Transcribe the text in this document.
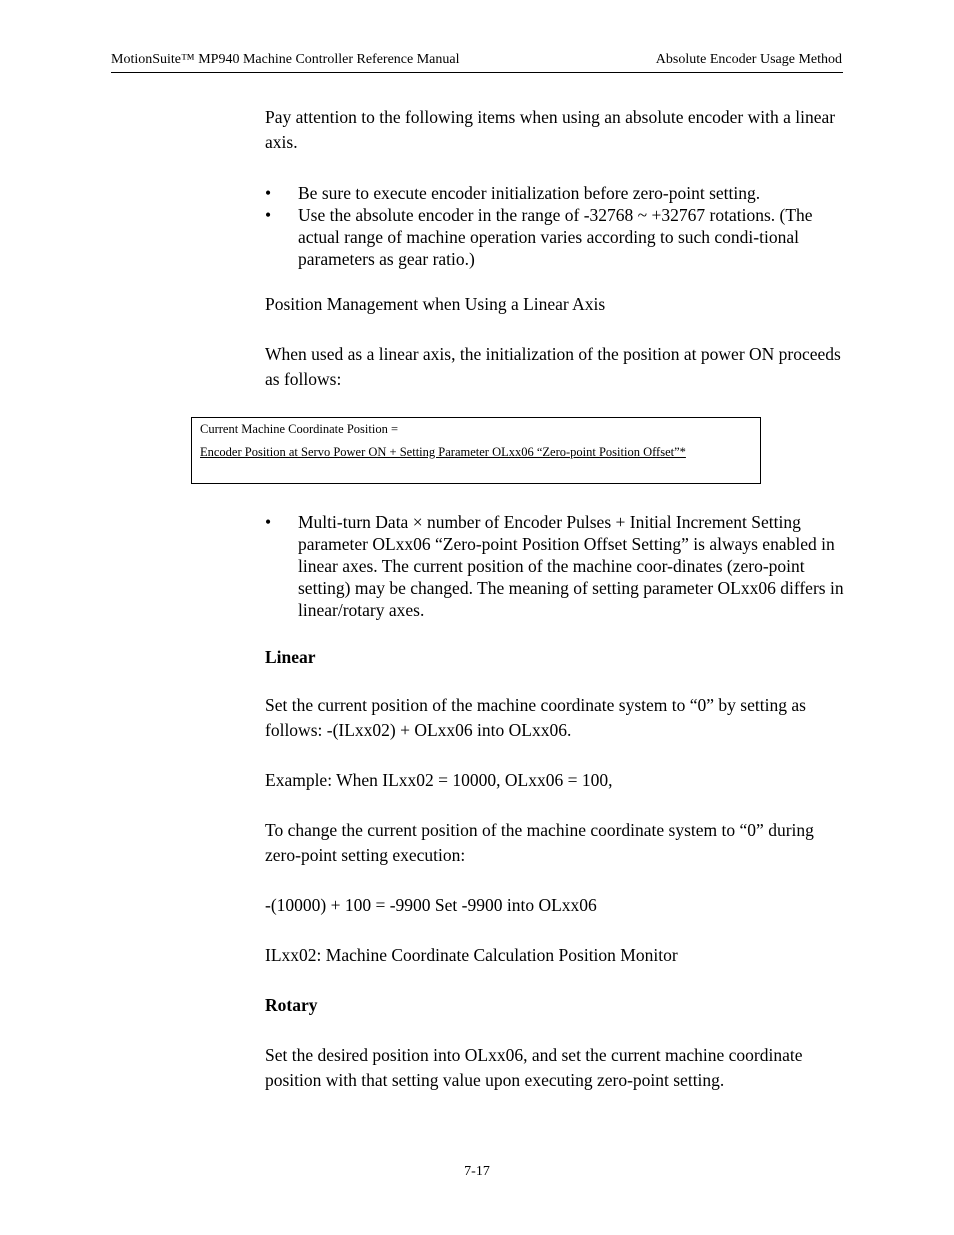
MotionSuite™ MP940 Machine Controller Reference Manual	Absolute Encoder Usage Method

Pay attention to the following items when using an absolute encoder with a linear axis.

• Be sure to execute encoder initialization before zero-point setting.
• Use the absolute encoder in the range of -32768 ~ +32767 rotations. (The actual range of machine operation varies according to such condi-tional parameters as gear ratio.)

Position Management when Using a Linear Axis

When used as a linear axis, the initialization of the position at power ON proceeds as follows:

Current Machine Coordinate Position =
Encoder Position at Servo Power ON + Setting Parameter OLxx06 “Zero-point Position Offset”*
• Multi-turn Data × number of Encoder Pulses + Initial Increment Setting parameter OLxx06 “Zero-point Position Offset Setting” is always enabled in linear axes. The current position of the machine coor-dinates (zero-point setting) may be changed. The meaning of setting parameter OLxx06 differs in linear/rotary axes.

Linear

Set the current position of the machine coordinate system to “0” by setting as follows: -(ILxx02) + OLxx06 into OLxx06.

Example: When ILxx02 = 10000, OLxx06 = 100,

To change the current position of the machine coordinate system to “0” during zero-point setting execution:

-(10000) + 100 = -9900 Set -9900 into OLxx06

ILxx02: Machine Coordinate Calculation Position Monitor

Rotary

Set the desired position into OLxx06, and set the current machine coordinate position with that setting value upon executing zero-point setting.

7-17
